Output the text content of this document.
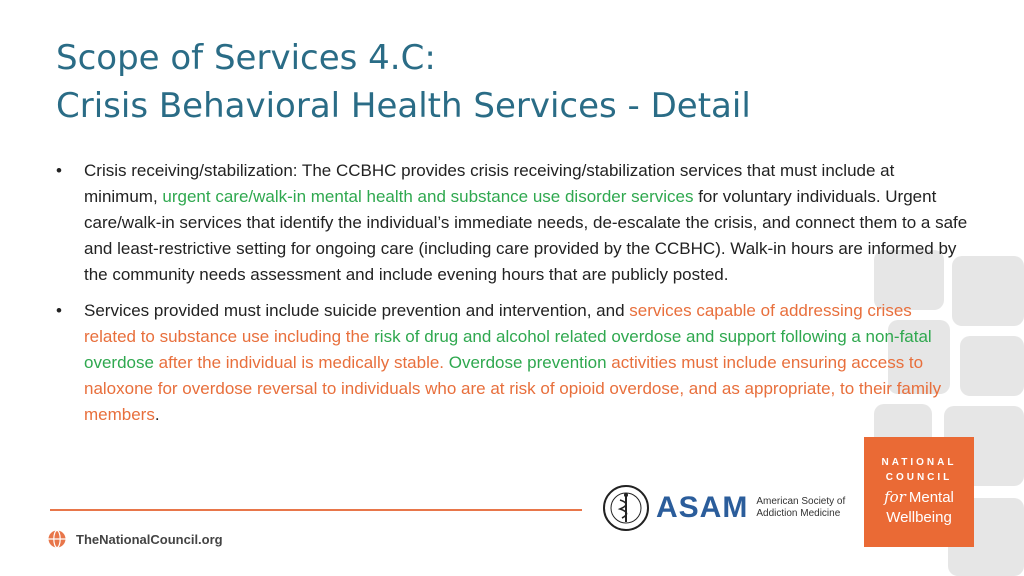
Scope of Services 4.C:
Crisis Behavioral Health Services - Detail
• Crisis receiving/stabilization: The CCBHC provides crisis receiving/stabilization services that must include at minimum, urgent care/walk-in mental health and substance use disorder services for voluntary individuals. Urgent care/walk-in services that identify the individual’s immediate needs, de-escalate the crisis, and connect them to a safe and least-restrictive setting for ongoing care (including care provided by the CCBHC). Walk-in hours are informed by the community needs assessment and include evening hours that are publicly posted.
• Services provided must include suicide prevention and intervention, and services capable of addressing crises related to substance use including the risk of drug and alcohol related overdose and support following a non-fatal overdose after the individual is medically stable. Overdose prevention activities must include ensuring access to naloxone for overdose reversal to individuals who are at risk of opioid overdose, and as appropriate, to their family members.
TheNationalCouncil.org
ASAM American Society of
Addiction Medicine
NATIONAL
COUNCIL
for Mental
Wellbeing
